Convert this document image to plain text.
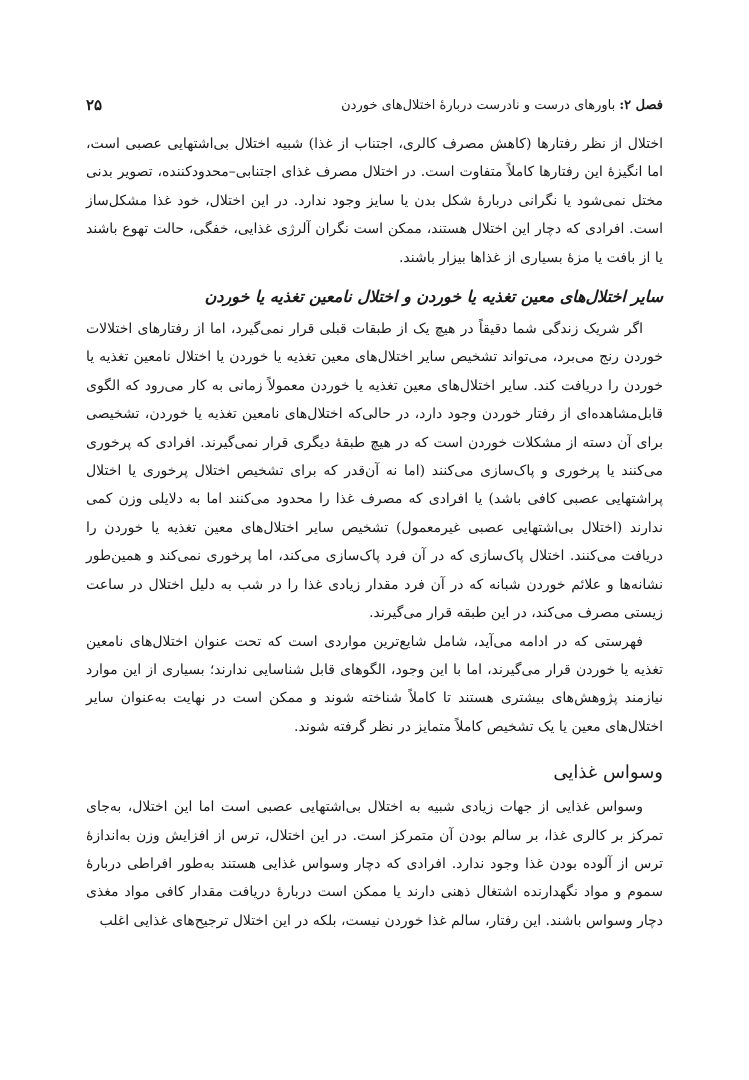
فصل ۲: باورهای درست و نادرست دربارهٔ اختلال‌های خوردن
۲۵

اختلال از نظر رفتارها (کاهش مصرف کالری، اجتناب از غذا) شبیه اختلال بی‌اشتهایی عصبی است، اما انگیزهٔ این رفتارها کاملاً متفاوت است. در اختلال مصرف غذای اجتنابی–محدودکننده، تصویر بدنی مختل نمی‌شود یا نگرانی دربارهٔ شکل بدن یا سایز وجود ندارد. در این اختلال، خود غذا مشکل‌ساز است. افرادی که دچار این اختلال هستند، ممکن است نگران آلرژی غذایی، خفگی، حالت تهوع باشند یا از بافت یا مزهٔ بسیاری از غذاها بیزار باشند.

سایر اختلال‌های معین تغذیه یا خوردن و اختلال نامعین تغذیه یا خوردن

اگر شریک زندگی شما دقیقاً در هیچ یک از طبقات قبلی قرار نمی‌گیرد، اما از رفتارهای اختلالات خوردن رنج می‌برد، می‌تواند تشخیص سایر اختلال‌های معین تغذیه یا خوردن یا اختلال نامعین تغذیه یا خوردن را دریافت کند. سایر اختلال‌های معین تغذیه یا خوردن معمولاً زمانی به کار می‌رود که الگوی قابل‌مشاهده‌ای از رفتار خوردن وجود دارد، در حالی‌که اختلال‌های نامعین تغذیه یا خوردن، تشخیصی برای آن دسته از مشکلات خوردن است که در هیچ طبقهٔ دیگری قرار نمی‌گیرند. افرادی که پرخوری می‌کنند یا پرخوری و پاک‌سازی می‌کنند (اما نه آن‌قدر که برای تشخیص اختلال پرخوری یا اختلال پراشتهایی عصبی کافی باشد) یا افرادی که مصرف غذا را محدود می‌کنند اما به دلایلی وزن کمی ندارند (اختلال بی‌اشتهایی عصبی غیرمعمول) تشخیص سایر اختلال‌های معین تغذیه یا خوردن را دریافت می‌کنند. اختلال پاک‌سازی که در آن فرد پاک‌سازی می‌کند، اما پرخوری نمی‌کند و همین‌طور نشانه‌ها و علائم خوردن شبانه که در آن فرد مقدار زیادی غذا را در شب به دلیل اختلال در ساعت زیستی مصرف می‌کند، در این طبقه قرار می‌گیرند.

فهرستی که در ادامه می‌آید، شامل شایع‌ترین مواردی است که تحت عنوان اختلال‌های نامعین تغذیه یا خوردن قرار می‌گیرند، اما با این وجود، الگوهای قابل شناسایی ندارند؛ بسیاری از این موارد نیازمند پژوهش‌های بیشتری هستند تا کاملاً شناخته شوند و ممکن است در نهایت به‌عنوان سایر اختلال‌های معین یا یک تشخیص کاملاً متمایز در نظر گرفته شوند.

وسواس غذایی

وسواس غذایی از جهات زیادی شبیه به اختلال بی‌اشتهایی عصبی است اما این اختلال، به‌جای تمرکز بر کالری غذا، بر سالم بودن آن متمرکز است. در این اختلال، ترس از افزایش وزن به‌اندازهٔ ترس از آلوده بودن غذا وجود ندارد. افرادی که دچار وسواس غذایی هستند به‌طور افراطی دربارهٔ سموم و مواد نگهدارنده اشتغال ذهنی دارند یا ممکن است دربارهٔ دریافت مقدار کافی مواد مغذی دچار وسواس باشند. این رفتار، سالم غذا خوردن نیست، بلکه در این اختلال ترجیح‌های غذایی اغلب
